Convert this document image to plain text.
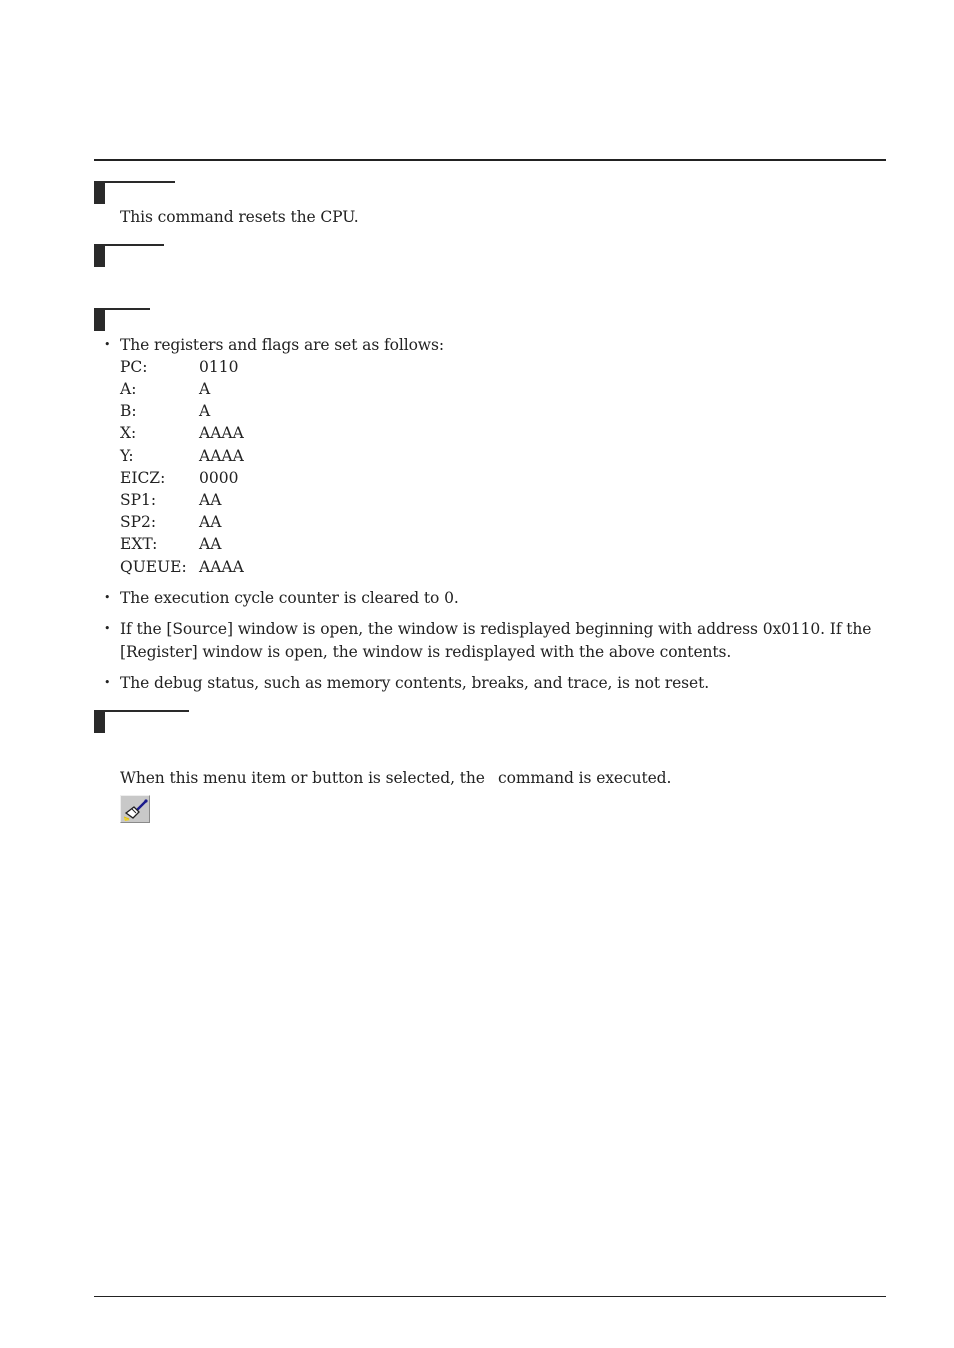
This command resets the CPU.
• The registers and flags are set as follows:
PC:	0110
A:	A
B:	A
X:	AAAA
Y:	AAAA
EICZ: 0000
SP1:	AA
SP2:	AA
EXT:	AA
QUEUE: AAAA
• The execution cycle counter is cleared to 0.
• If the [Source] window is open, the window is redisplayed beginning with address 0x0110. If the
[Register] window is open, the window is redisplayed with the above contents.
• The debug status, such as memory contents, breaks, and trace, is not reset.
When this menu item or button is selected, the command is executed.
